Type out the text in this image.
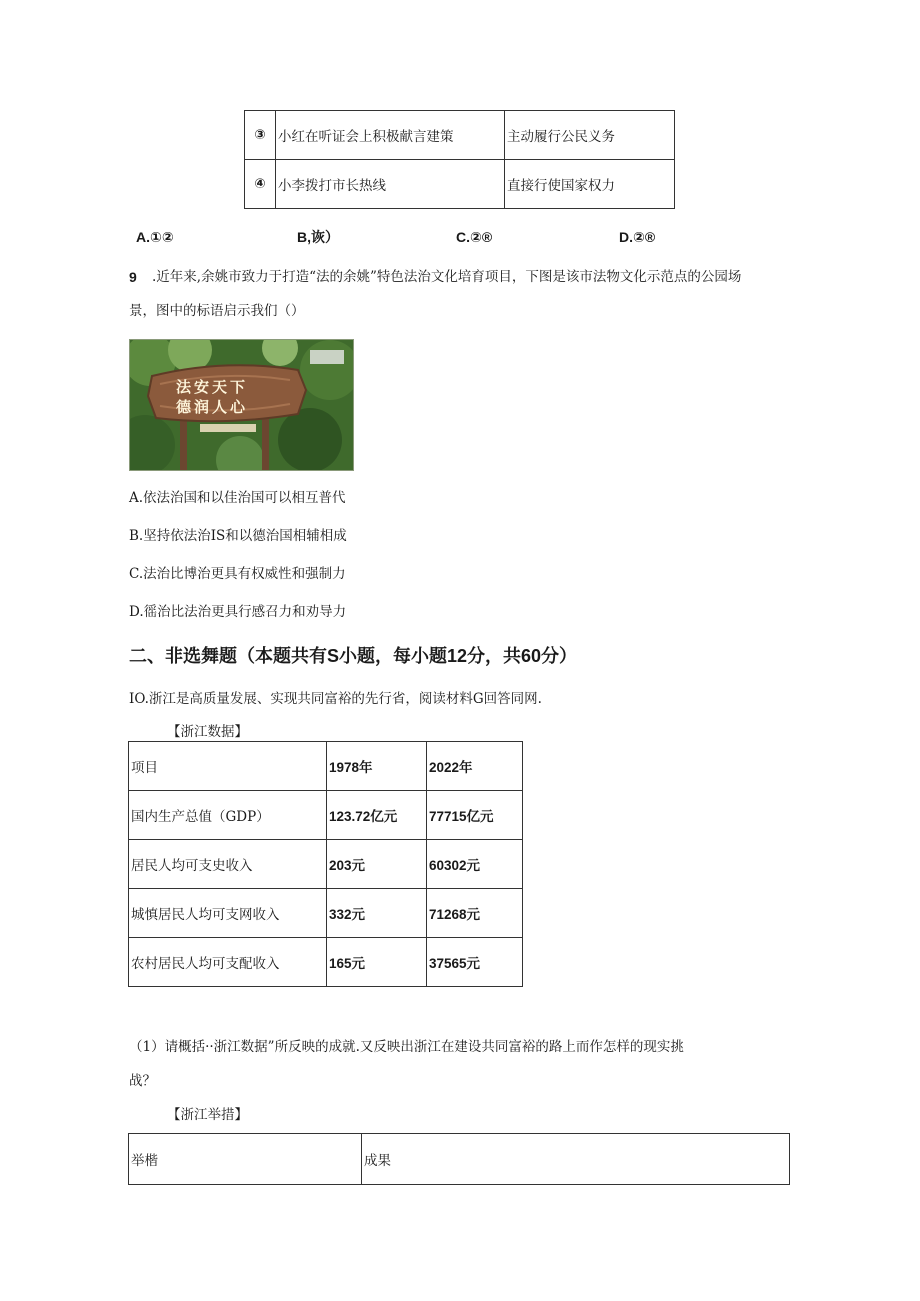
③	小红在听证会上积极献言建策	主动履行公民义务
④	小李拨打市长热线	直接行使国家权力
A.①②	B,诙）	C.②®	D.②®
9 .近年来,余姚市致力于打造“法的余姚”特色法治文化培育项目，下图是该市法物文化示范点的公园场
景，图中的标语启示我们（）
法安天下
德润人心
A.依法治国和以佳治国可以相互普代
B.坚持依法治IS和以德治国相辅相成
C.法治比博治更具有权威性和强制力
D.徭治比法治更具行感召力和劝导力
二、非选舞题（本题共有S小题，每小题12分，共60分）
IO.浙江是高质量发展、实现共同富裕的先行省，阅读材料G回答同网.
【浙江数据】
项目	1978年	2022年
国内生产总值（GDP）	123.72亿元	77715亿元
居民人均可支史收入	203元	60302元
城慎居民人均可支网收入	332元	71268元
农村居民人均可支配收入	165元	37565元
（1）请概括··浙江数据”所反映的成就.又反映出浙江在建设共同富裕的路上而作怎样的现实挑
战？
【浙江举措】
举楷	成果
